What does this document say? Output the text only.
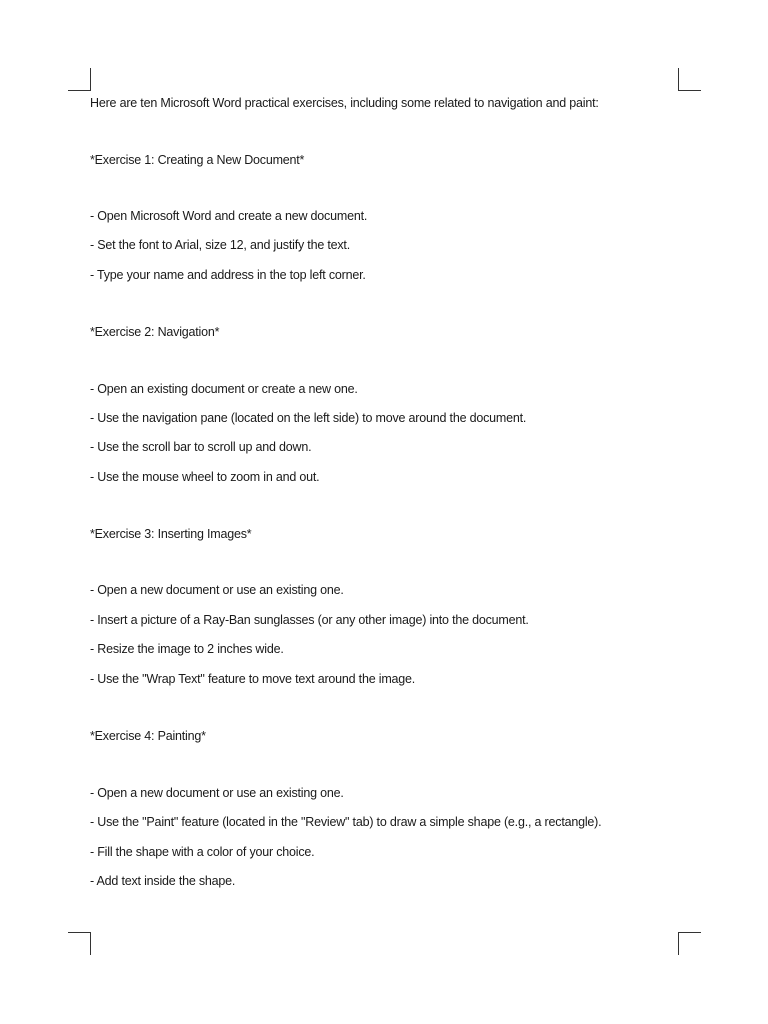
Here are ten Microsoft Word practical exercises, including some related to navigation and paint:
*Exercise 1: Creating a New Document*
- Open Microsoft Word and create a new document.
- Set the font to Arial, size 12, and justify the text.
- Type your name and address in the top left corner.
*Exercise 2: Navigation*
- Open an existing document or create a new one.
- Use the navigation pane (located on the left side) to move around the document.
- Use the scroll bar to scroll up and down.
- Use the mouse wheel to zoom in and out.
*Exercise 3: Inserting Images*
- Open a new document or use an existing one.
- Insert a picture of a Ray-Ban sunglasses (or any other image) into the document.
- Resize the image to 2 inches wide.
- Use the "Wrap Text" feature to move text around the image.
*Exercise 4: Painting*
- Open a new document or use an existing one.
- Use the "Paint" feature (located in the "Review" tab) to draw a simple shape (e.g., a rectangle).
- Fill the shape with a color of your choice.
- Add text inside the shape.
